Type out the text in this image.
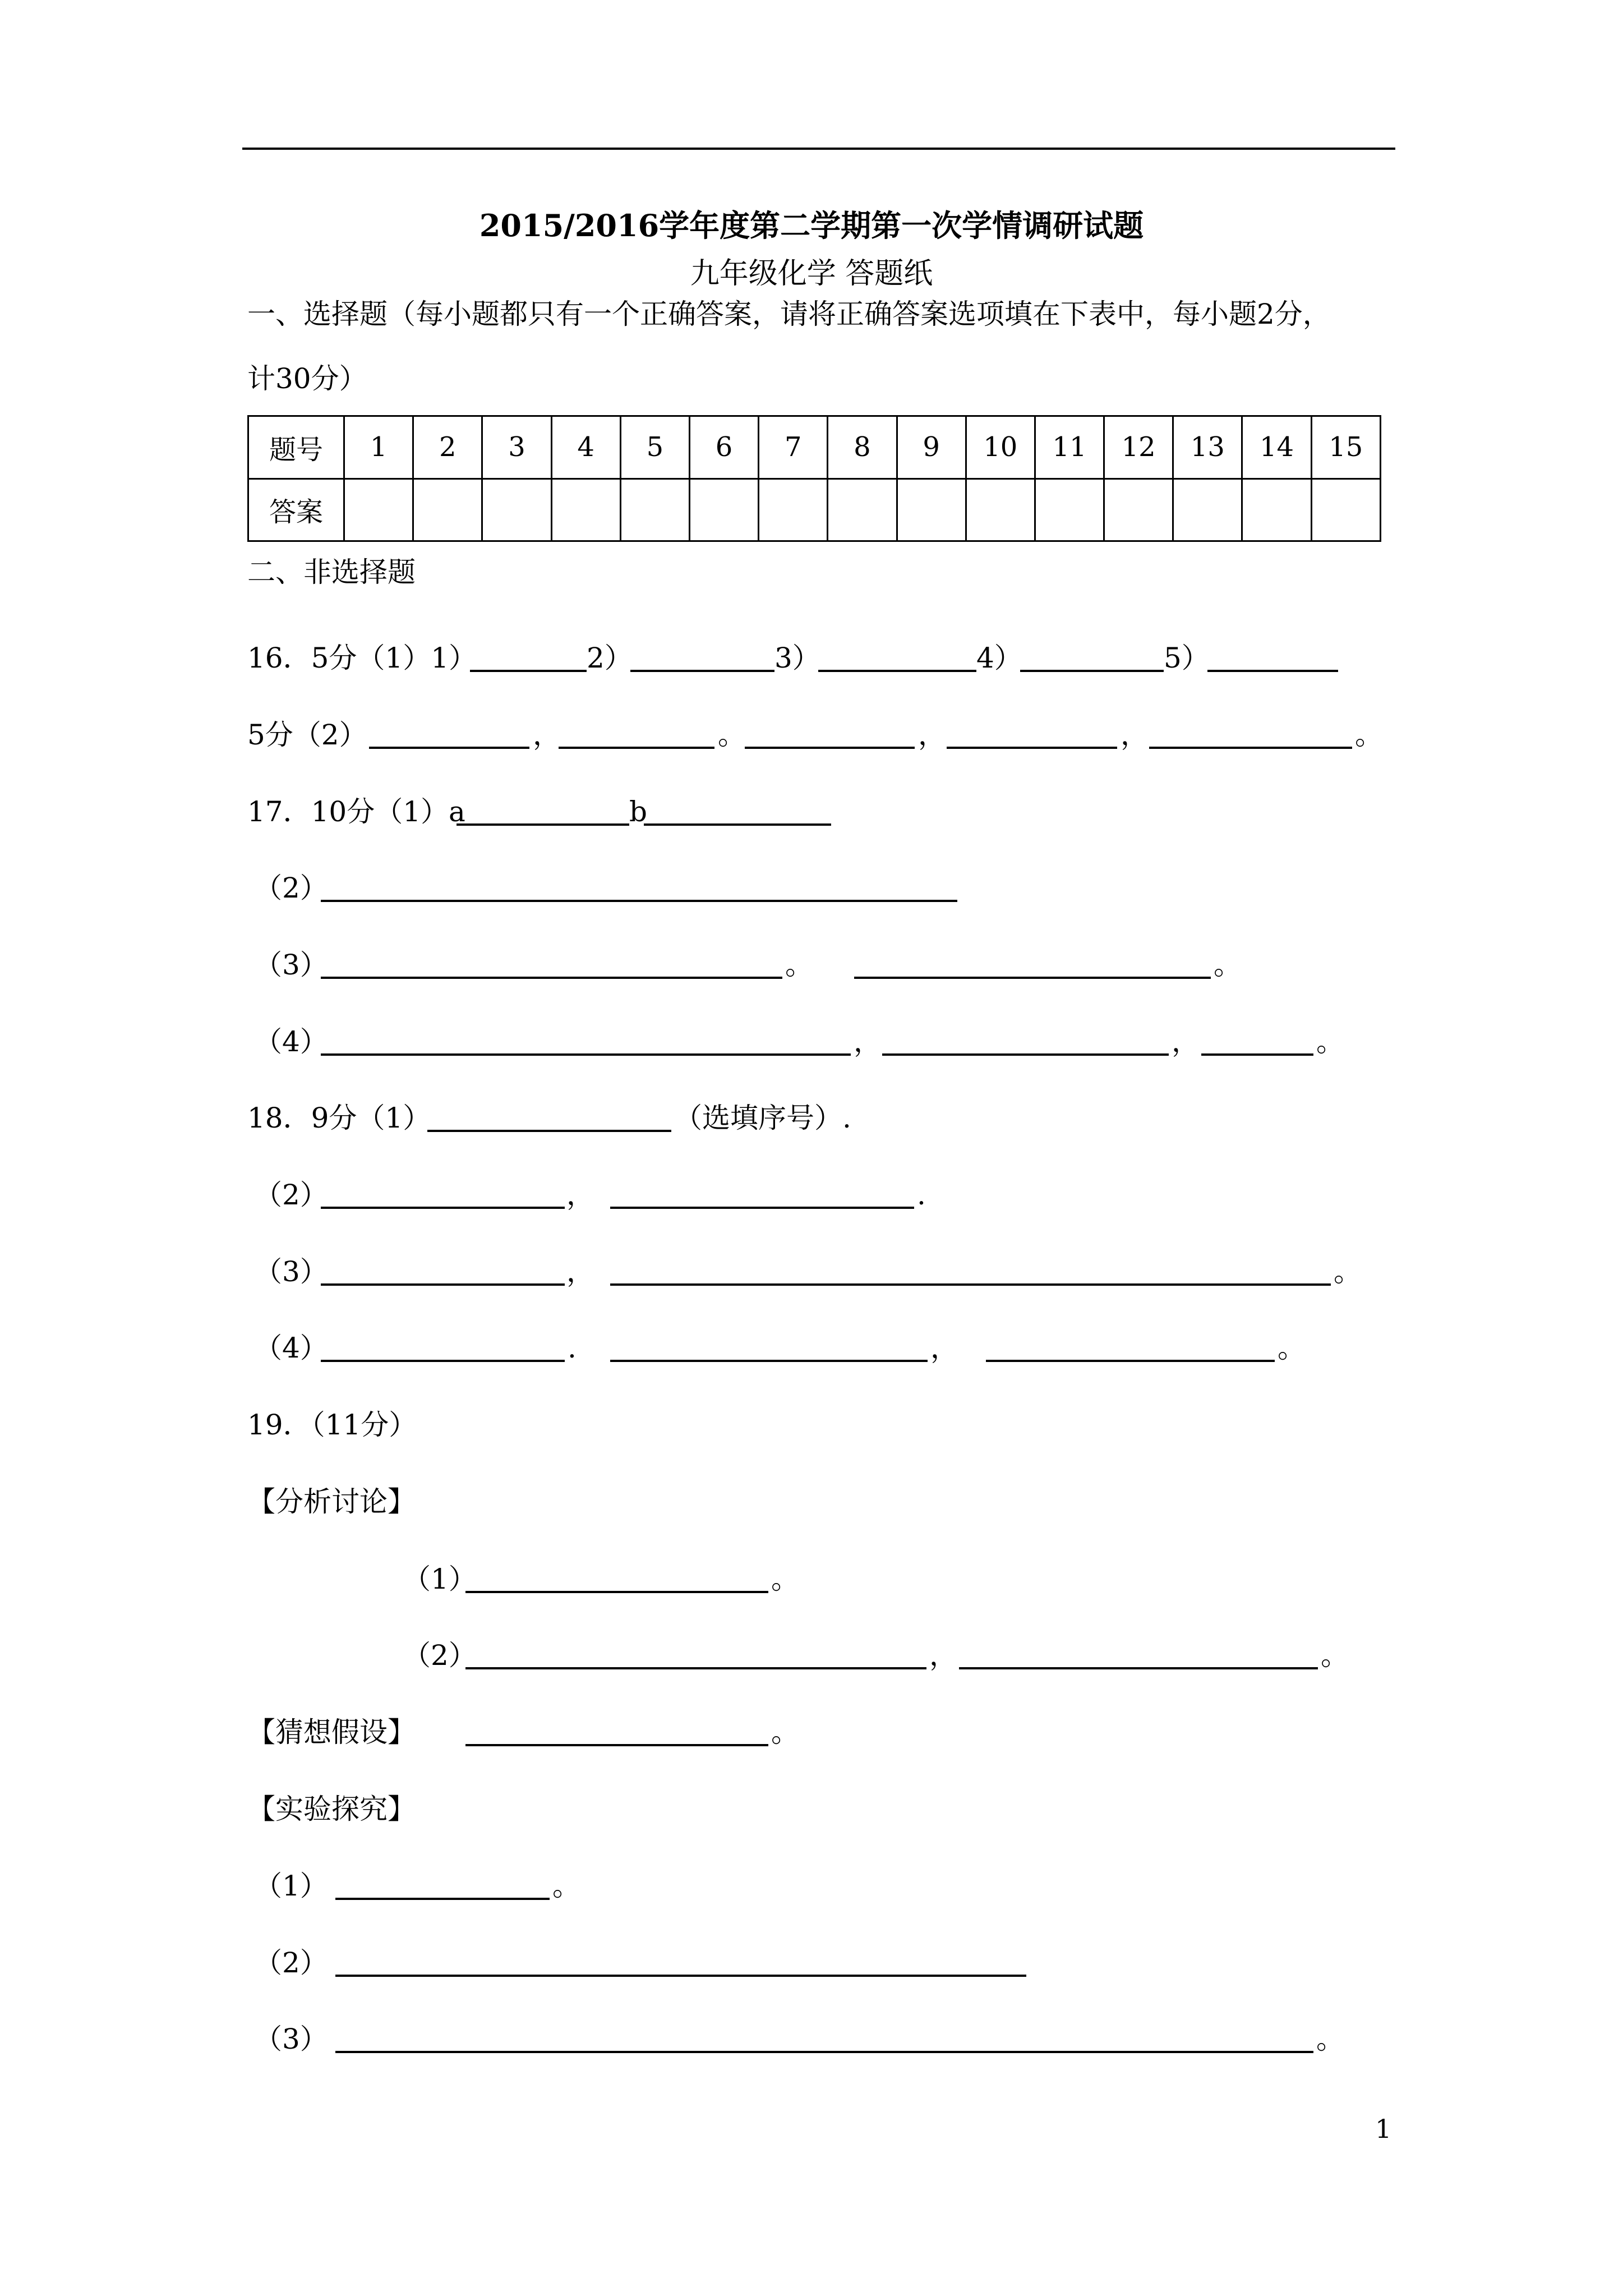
2015/2016学年度第二学期第一次学情调研试题
九年级化学 答题纸
一、选择题（每小题都只有一个正确答案，请将正确答案选项填在下表中，每小题2分，
计30分）
题号	1	2	3	4	5	6	7	8	9	10	11	12	13	14	15
答案															
二、非选择题
16．5分（1）1）	2）	3）	4）	5）
5分（2）	，	。	，	，	。
17．10分（1）a	b
（2）
（3）	。	。
（4）	，	，	。
18．9分（1）	（选填序号）.
（2）	，	.
（3）	，	。
（4）	.	，	。
19．（11分）
【分析讨论】
（1）	。
（2）	，	。
【猜想假设】	。
【实验探究】
（1）	。
（2）
（3）	。
1
